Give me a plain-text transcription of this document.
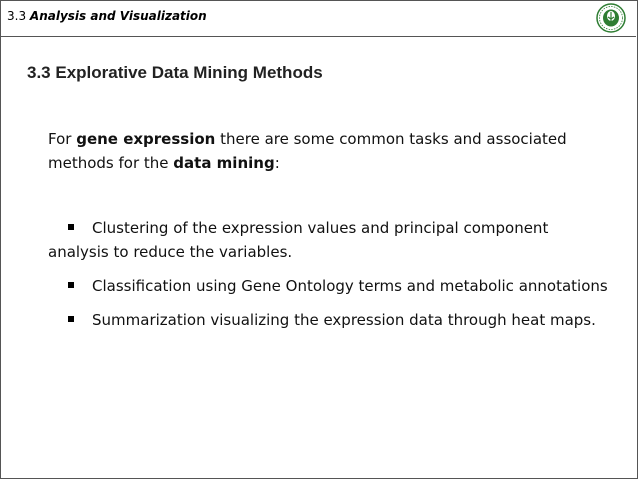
3.3 Analysis and Visualization
3.3 Explorative Data Mining Methods
For gene expression there are some common tasks and associated methods for the data mining:
Clustering of the expression values and principal component analysis to reduce the variables.
Classification using Gene Ontology terms and metabolic annotations
Summarization visualizing the expression data through heat maps.
